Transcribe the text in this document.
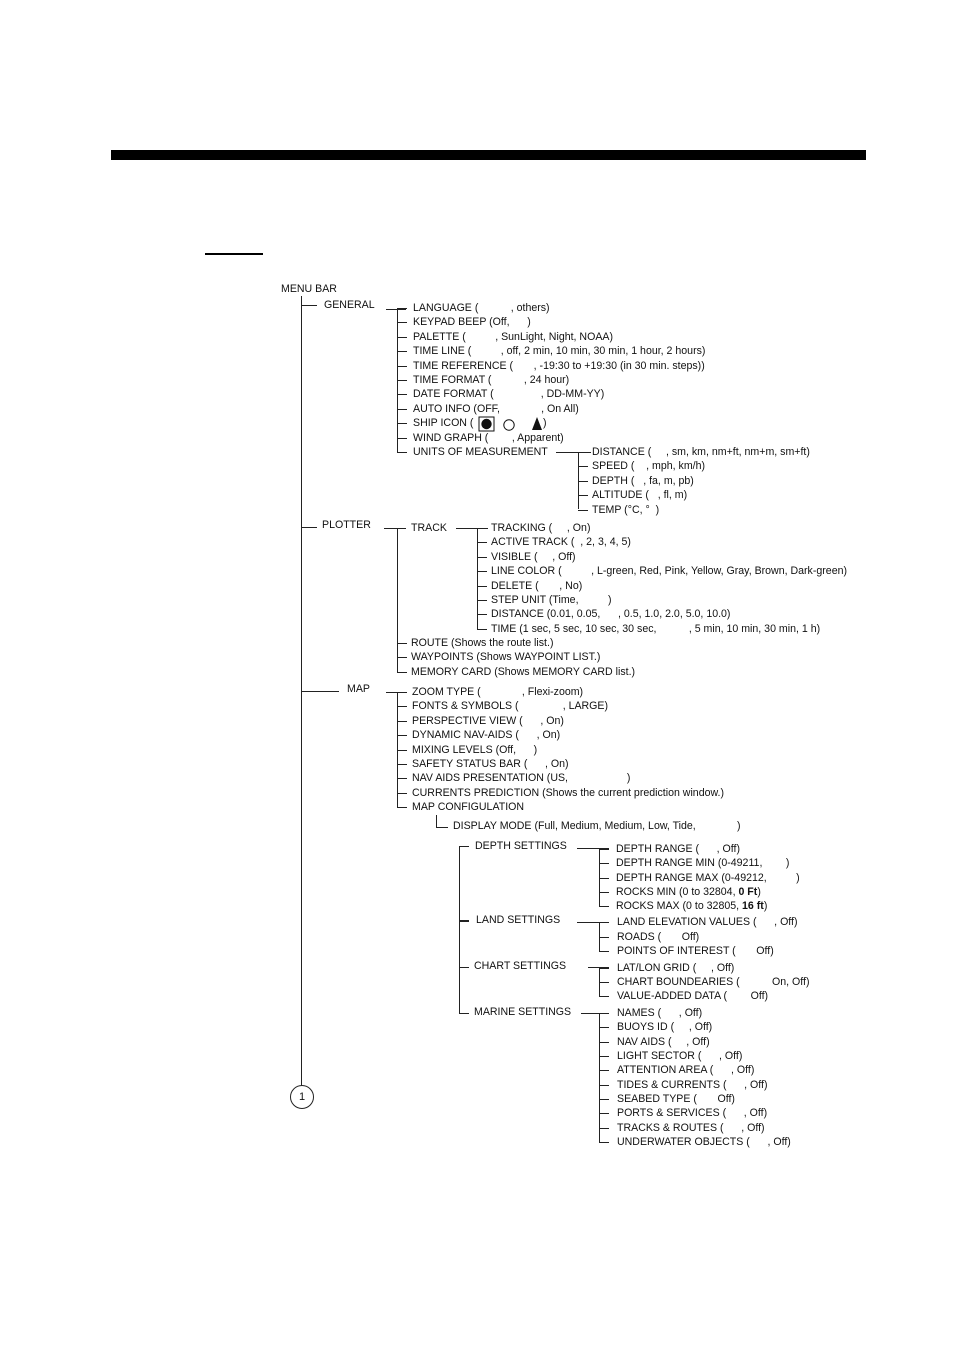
MENU BAR
GENERAL	LANGUAGE (           , others)
KEYPAD BEEP (Off,      )
PALETTE (          , SunLight, Night, NOAA)
TIME LINE (          , off, 2 min, 10 min, 30 min, 1 hour, 2 hours)
TIME REFERENCE (       , -19:30 to +19:30 (in 30 min. steps))
TIME FORMAT (           , 24 hour)
DATE FORMAT (                , DD-MM-YY)
AUTO INFO (OFF,              , On All)
SHIP ICON (
WIND GRAPH (        , Apparent)
UNITS OF MEASUREMENT	DISTANCE (     , sm, km, nm+ft, nm+m, sm+ft)
SPEED (    , mph, km/h)
DEPTH (   , fa, m, pb)
ALTITUDE (   , fl, m)
TEMP (°C, °  )
)
PLOTTER	TRACK	TRACKING (     , On)
ACTIVE TRACK (  , 2, 3, 4, 5)
VISIBLE (     , Off)
LINE COLOR (          , L-green, Red, Pink, Yellow, Gray, Brown, Dark-green)
DELETE (       , No)
STEP UNIT (Time,          )
DISTANCE (0.01, 0.05,      , 0.5, 1.0, 2.0, 5.0, 10.0)
TIME (1 sec, 5 sec, 10 sec, 30 sec,           , 5 min, 10 min, 30 min, 1 h)
ROUTE (Shows the route list.)
WAYPOINTS (Shows WAYPOINT LIST.)
MEMORY CARD (Shows MEMORY CARD list.)
MAP	ZOOM TYPE (              , Flexi-zoom)
FONTS & SYMBOLS (               , LARGE)
PERSPECTIVE VIEW (      , On)
DYNAMIC NAV-AIDS (      , On)
MIXING LEVELS (Off,      )
SAFETY STATUS BAR (      , On)
NAV AIDS PRESENTATION (US,                    )
CURRENTS PREDICTION (Shows the current prediction window.)
MAP CONFIGULATION
DISPLAY MODE (Full, Medium, Medium, Low, Tide,              )
DEPTH SETTINGS	DEPTH RANGE (      , Off)
DEPTH RANGE MIN (0-49211,        )
DEPTH RANGE MAX (0-49212,          )
ROCKS MIN (0 to 32804, 0 Ft)
ROCKS MAX (0 to 32805, 16 ft)
LAND SETTINGS	LAND ELEVATION VALUES (      , Off)
ROADS (       Off)
POINTS OF INTEREST (       Off)
CHART SETTINGS	LAT/LON GRID (     , Off)
CHART BOUNDEARIES (           On, Off)
VALUE-ADDED DATA (        Off)
MARINE SETTINGS	NAMES (      , Off)
BUOYS ID (     , Off)
NAV AIDS (     , Off)
LIGHT SECTOR (      , Off)
ATTENTION AREA (      , Off)
TIDES & CURRENTS (      , Off)
SEABED TYPE (       Off)
PORTS & SERVICES (      , Off)
TRACKS & ROUTES (      , Off)
UNDERWATER OBJECTS (      , Off)
1
